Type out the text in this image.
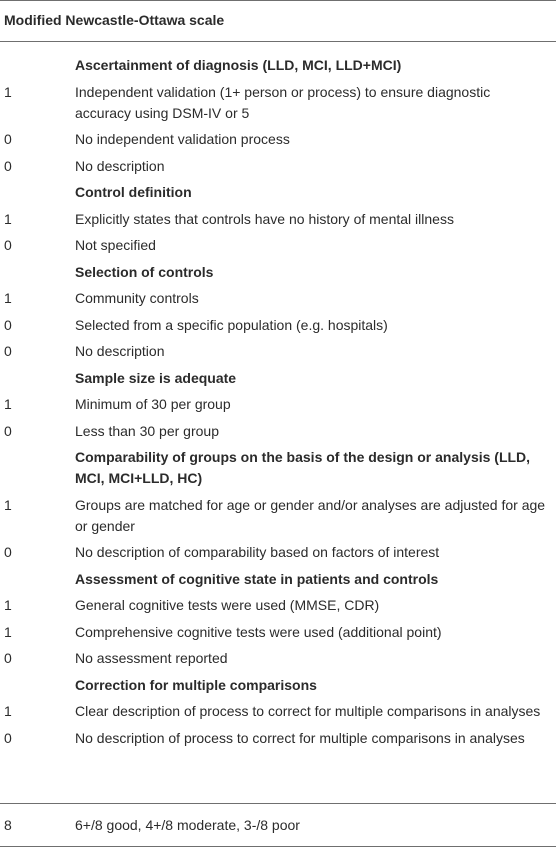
Modified Newcastle-Ottawa scale
Ascertainment of diagnosis (LLD, MCI, LLD+MCI)
1	Independent validation (1+ person or process) to ensure diagnostic accuracy using DSM-IV or 5
0	No independent validation process
0	No description
Control definition
1	Explicitly states that controls have no history of mental illness
0	Not specified
Selection of controls
1	Community controls
0	Selected from a specific population (e.g. hospitals)
0	No description
Sample size is adequate
1	Minimum of 30 per group
0	Less than 30 per group
Comparability of groups on the basis of the design or analysis (LLD, MCI, MCI+LLD, HC)
1	Groups are matched for age or gender and/or analyses are adjusted for age or gender
0	No description of comparability based on factors of interest
Assessment of cognitive state in patients and controls
1	General cognitive tests were used (MMSE, CDR)
1	Comprehensive cognitive tests were used (additional point)
0	No assessment reported
Correction for multiple comparisons
1	Clear description of process to correct for multiple comparisons in analyses
0	No description of process to correct for multiple comparisons in analyses
8	6+/8 good, 4+/8 moderate, 3-/8 poor
